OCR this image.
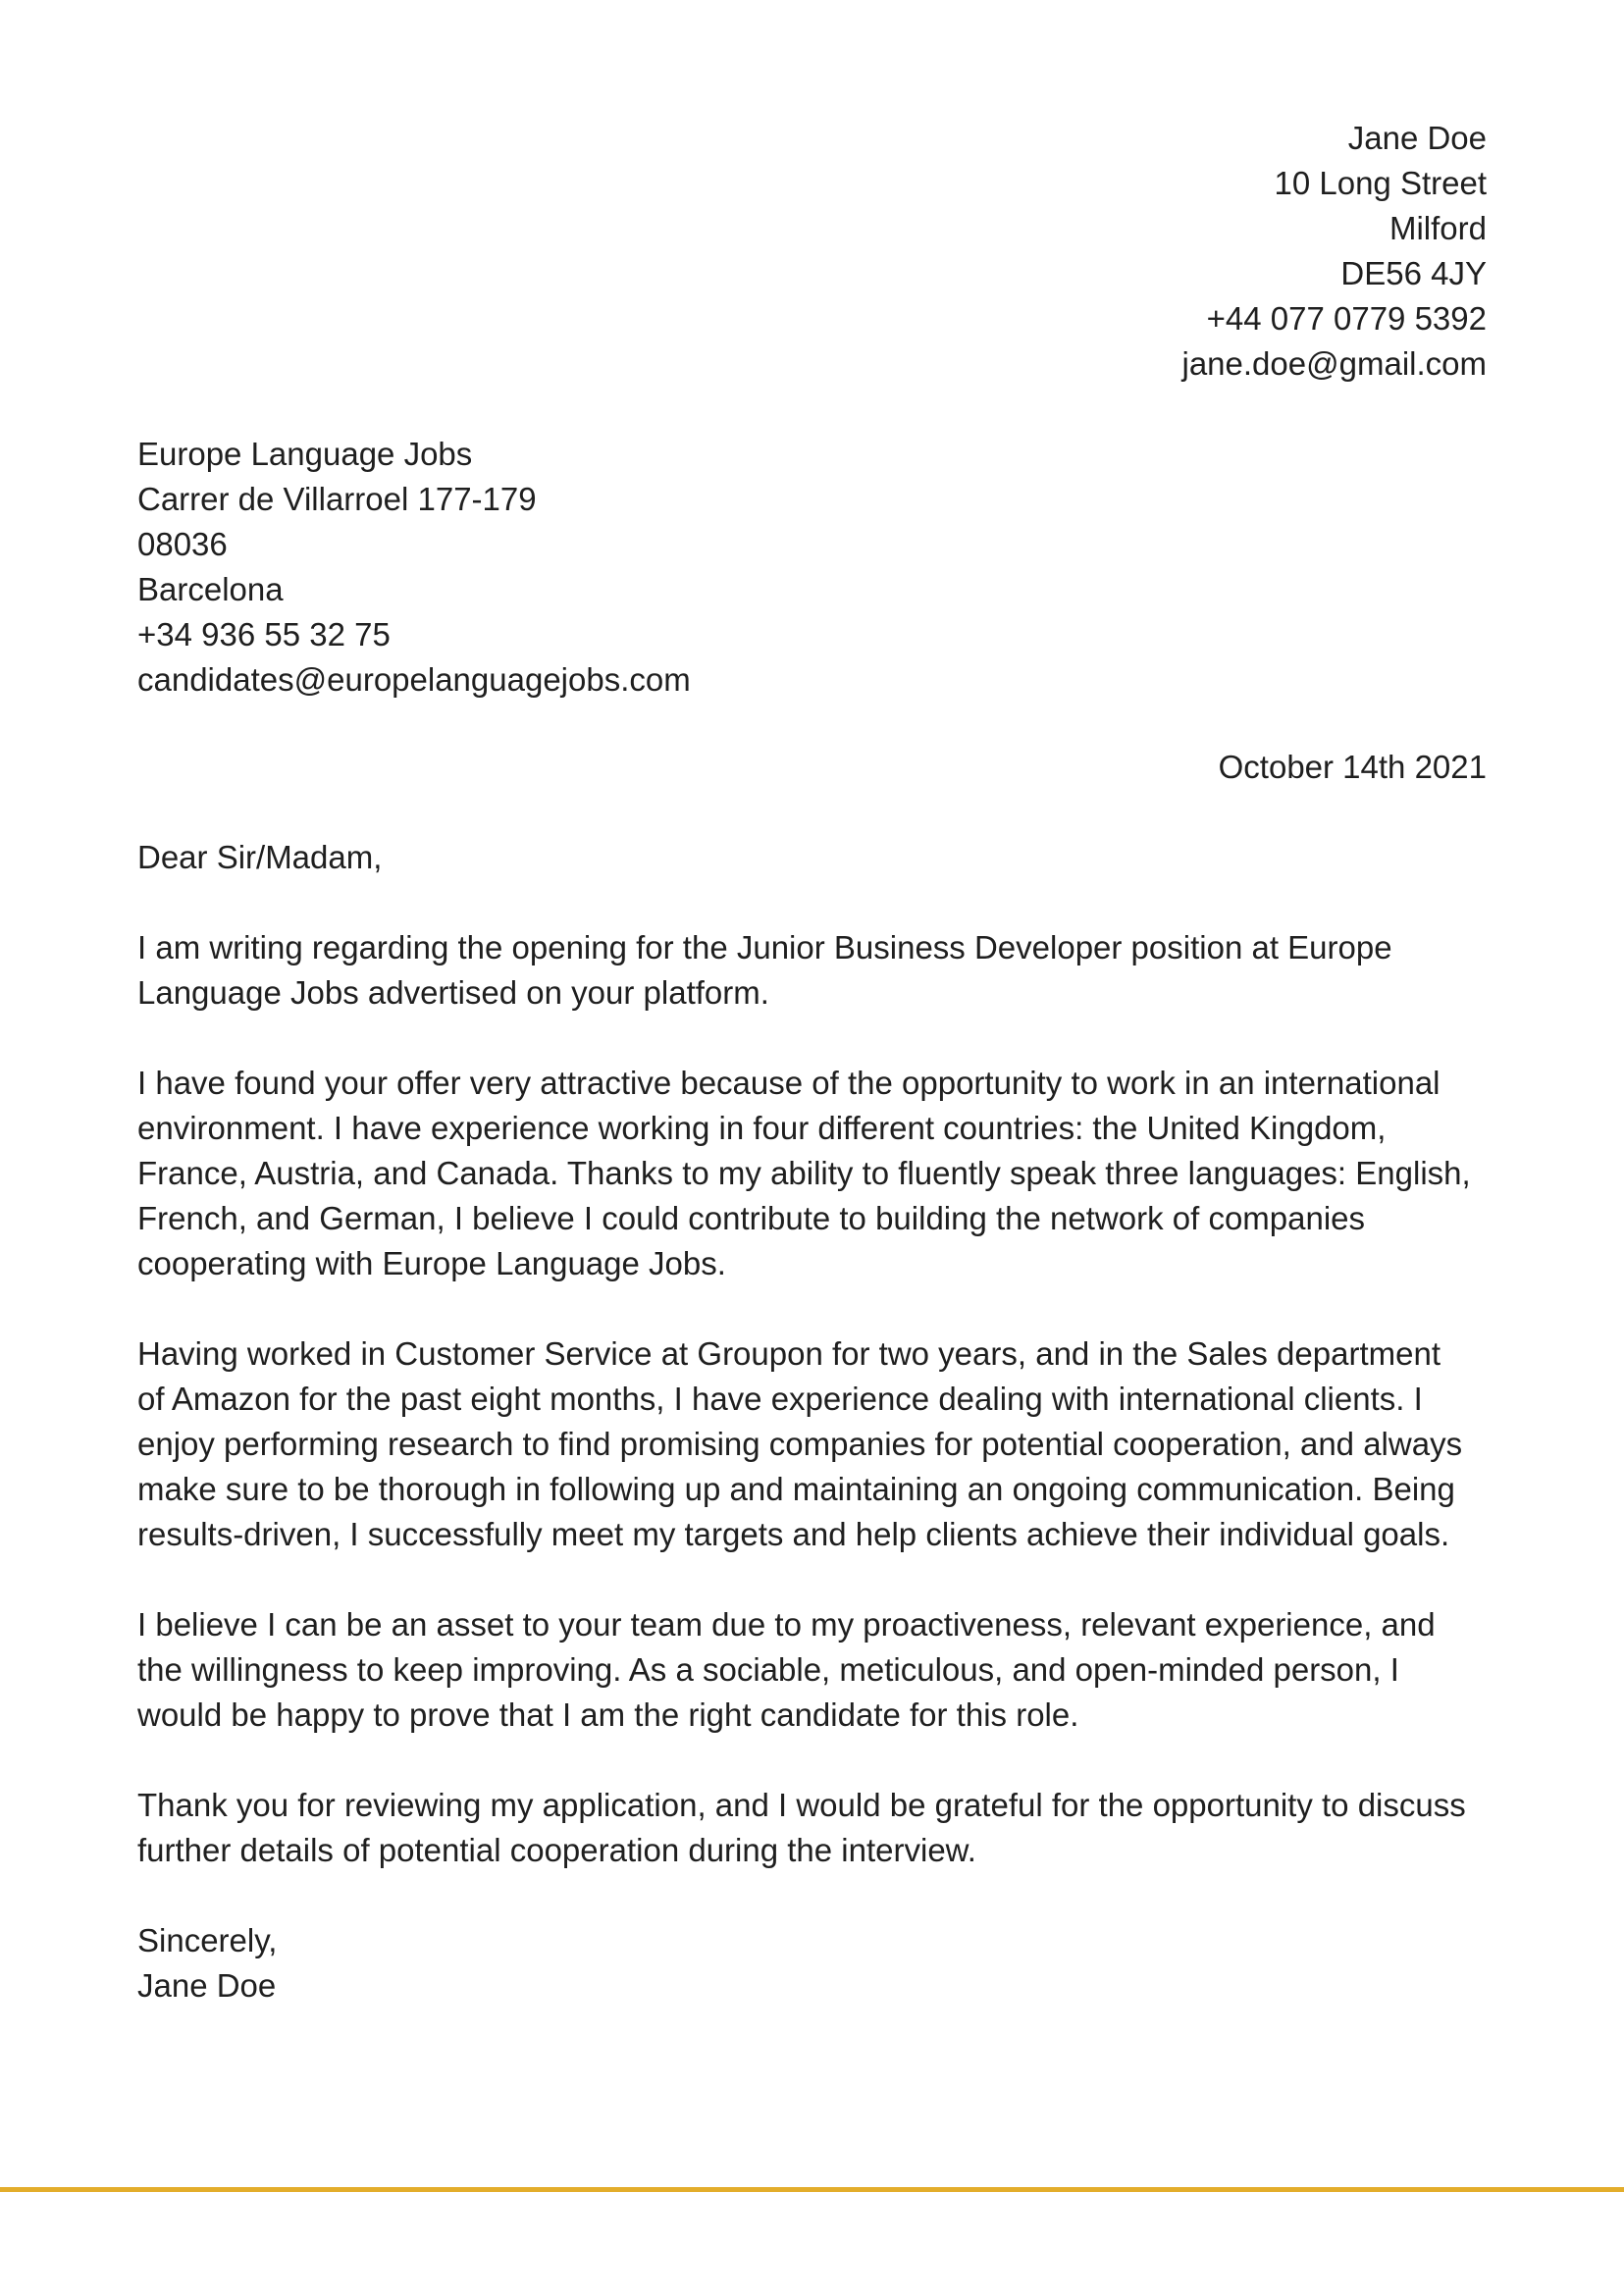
Jane Doe
10 Long Street
Milford
DE56 4JY
+44 077 0779 5392
jane.doe@gmail.com
Europe Language Jobs
Carrer de Villarroel 177-179
08036
Barcelona
+34 936 55 32 75
candidates@europelanguagejobs.com
October 14th 2021
Dear Sir/Madam,
I am writing regarding the opening for the Junior Business Developer position at Europe
Language Jobs advertised on your platform.
I have found your offer very attractive because of the opportunity to work in an international
environment. I have experience working in four different countries: the United Kingdom,
France, Austria, and Canada. Thanks to my ability to fluently speak three languages: English,
French, and German, I believe I could contribute to building the network of companies
cooperating with Europe Language Jobs.
Having worked in Customer Service at Groupon for two years, and in the Sales department
of Amazon for the past eight months, I have experience dealing with international clients. I
enjoy performing research to find promising companies for potential cooperation, and always
make sure to be thorough in following up and maintaining an ongoing communication. Being
results-driven, I successfully meet my targets and help clients achieve their individual goals.
I believe I can be an asset to your team due to my proactiveness, relevant experience, and
the willingness to keep improving. As a sociable, meticulous, and open-minded person, I
would be happy to prove that I am the right candidate for this role.
Thank you for reviewing my application, and I would be grateful for the opportunity to discuss
further details of potential cooperation during the interview.
Sincerely,
Jane Doe
